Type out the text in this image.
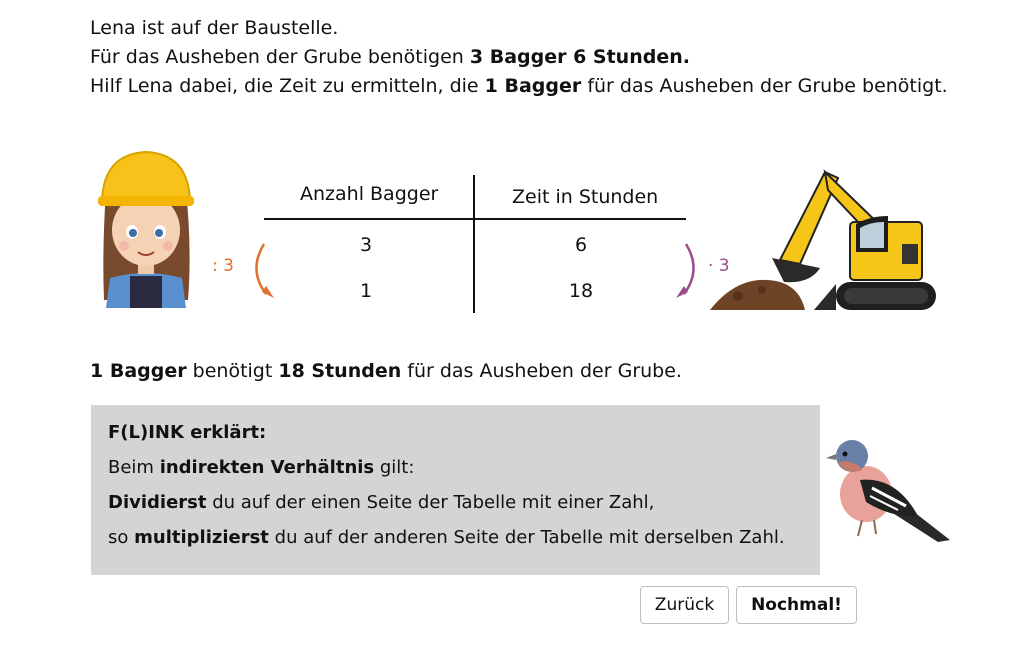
Lena ist auf der Baustelle.
Für das Ausheben der Grube benötigen 3 Bagger 6 Stunden.
Hilf Lena dabei, die Zeit zu ermitteln, die 1 Bagger für das Ausheben der Grube benötigt.
: 3
Anzahl Bagger	Zeit in Stunden
3	6
1	18
· 3
1 Bagger benötigt 18 Stunden für das Ausheben der Grube.
F(L)INK erklärt:
Beim indirekten Verhältnis gilt:
Dividierst du auf der einen Seite der Tabelle mit einer Zahl,
so multiplizierst du auf der anderen Seite der Tabelle mit derselben Zahl.
Zurück	Nochmal!
